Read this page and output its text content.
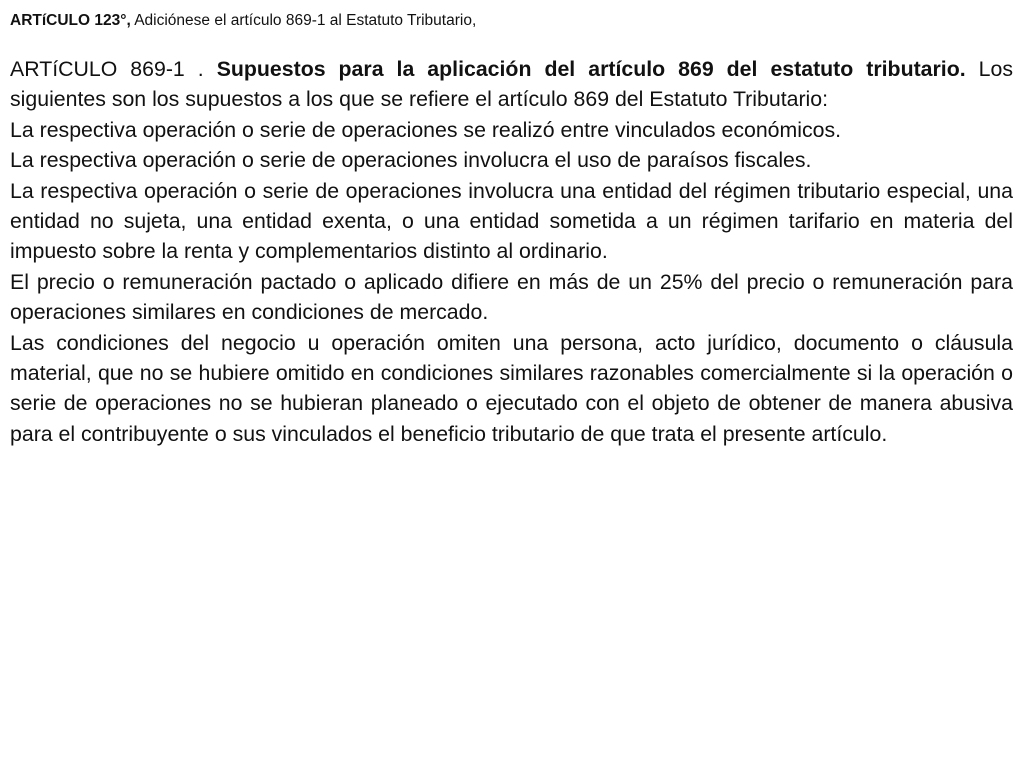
ARTíCULO 123°, Adiciónese el artículo 869-1 al Estatuto Tributario,

ARTíCULO 869-1 . Supuestos para la aplicación del artículo 869 del estatuto tributario. Los siguientes son los supuestos a los que se refiere el artículo 869 del Estatuto Tributario:

La respectiva operación o serie de operaciones se realizó entre vinculados económicos.

La respectiva operación o serie de operaciones involucra el uso de paraísos fiscales.

La respectiva operación o serie de operaciones involucra una entidad del régimen tributario especial, una entidad no sujeta, una entidad exenta, o una entidad sometida a un régimen tarifario en materia del impuesto sobre la renta y complementarios distinto al ordinario.

El precio o remuneración pactado o aplicado difiere en más de un 25% del precio o remuneración para operaciones similares en condiciones de mercado.

Las condiciones del negocio u operación omiten una persona, acto jurídico, documento o cláusula material, que no se hubiere omitido en condiciones similares razonables comercialmente si la operación o serie de operaciones no se hubieran planeado o ejecutado con el objeto de obtener de manera abusiva para el contribuyente o sus vinculados el beneficio tributario de que trata el presente artículo.
